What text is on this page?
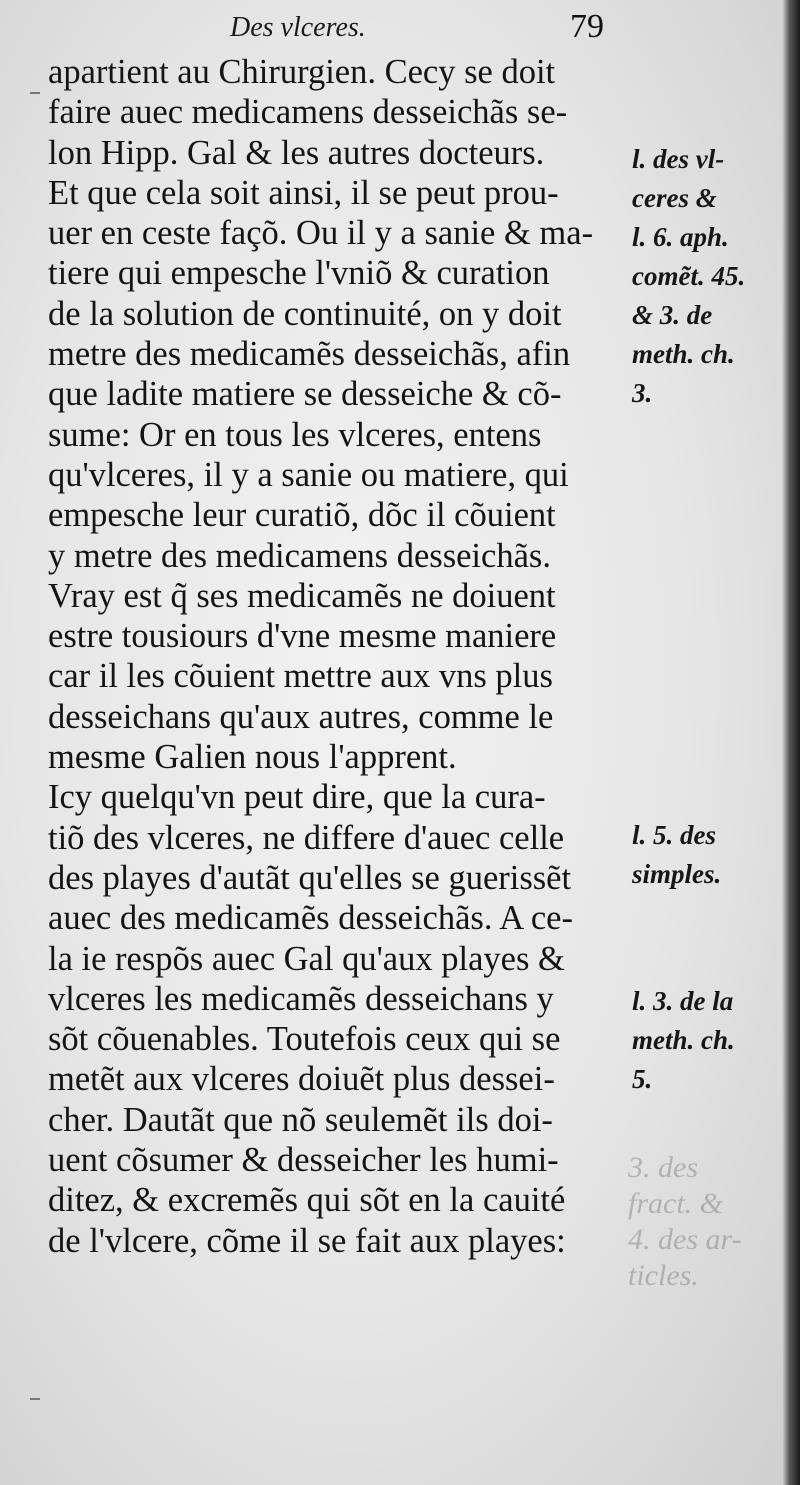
Des vlceres.	79
apartient au Chirurgien. Cecy se doit
faire auec medicamens desseichãs se-
lon Hipp. Gal & les autres docteurs.
Et que cela soit ainsi, il se peut prou-
uer en ceste façõ. Ou il y a sanie & ma-
tiere qui empesche l'vniõ & curation
de la solution de continuité, on y doit
metre des medicamẽs desseichãs, afin
que ladite matiere se desseiche & cõ-
sume: Or en tous les vlceres, entens
qu'vlceres, il y a sanie ou matiere, qui
empesche leur curatiõ, dõc il cõuient
y metre des medicamens desseichãs.
Vray est q̃ ses medicamẽs ne doiuent
estre tousiours d'vne mesme maniere
car il les cõuient mettre aux vns plus
desseichans qu'aux autres, comme le
mesme Galien nous l'apprent.
Icy quelqu'vn peut dire, que la cura-
tiõ des vlceres, ne differe d'auec celle
des playes d'autãt qu'elles se guerissẽt
auec des medicamẽs desseichãs. A ce-
la ie respõs auec Gal qu'aux playes &
vlceres les medicamẽs desseichans y
sõt cõuenables. Toutefois ceux qui se
metẽt aux vlceres doiuẽt plus dessei-
cher. Dautãt que nõ seulemẽt ils doi-
uent cõsumer & desseicher les humi-
ditez, & excremẽs qui sõt en la cauité
de l'vlcere, cõme il se fait aux playes:
l. des vl-
ceres &
l. 6. aph.
comẽt. 45.
& 3. de
meth. ch.
3.
l. 5. des
simples.
l. 3. de la
meth. ch.
5.
3. des
fract. &
4. des ar-
ticles.
